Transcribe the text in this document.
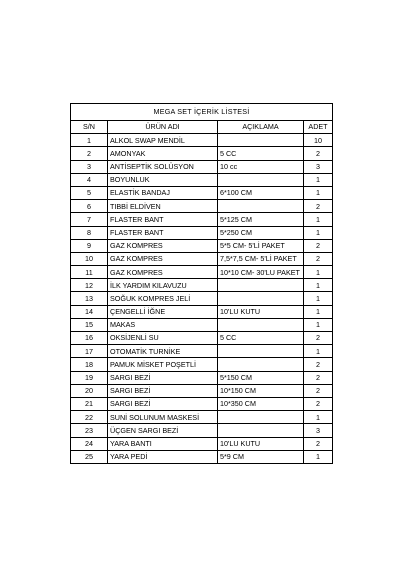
MEGA SET İÇERİK LİSTESİ			
S/N	ÜRÜN ADI	AÇIKLAMA	ADET
1	ALKOL SWAP MENDİL		10
2	AMONYAK	5 CC	2
3	ANTİSEPTİK SOLÜSYON	10 cc	3
4	BOYUNLUK		1
5	ELASTİK BANDAJ	6*100 CM	1
6	TIBBİ ELDİVEN		2
7	FLASTER BANT	5*125 CM	1
8	FLASTER BANT	5*250 CM	1
9	GAZ KOMPRES	5*5 CM- 5'Lİ PAKET	2
10	GAZ KOMPRES	7,5*7,5 CM- 5'Lİ PAKET	2
11	GAZ KOMPRES	10*10 CM- 30'LU PAKET	1
12	İLK YARDIM KILAVUZU		1
13	SOĞUK KOMPRES JELİ		1
14	ÇENGELLİ İĞNE	10'LU KUTU	1
15	MAKAS		1
16	OKSİJENLİ SU	5 CC	2
17	OTOMATİK TURNİKE		1
18	PAMUK MİSKET POŞETLİ		2
19	SARGI BEZİ	5*150 CM	2
20	SARGI BEZİ	10*150 CM	2
21	SARGI BEZİ	10*350 CM	2
22	SUNİ SOLUNUM MASKESİ		1
23	ÜÇGEN SARGI BEZİ		3
24	YARA BANTI	10'LU KUTU	2
25	YARA PEDİ	5*9 CM	1
